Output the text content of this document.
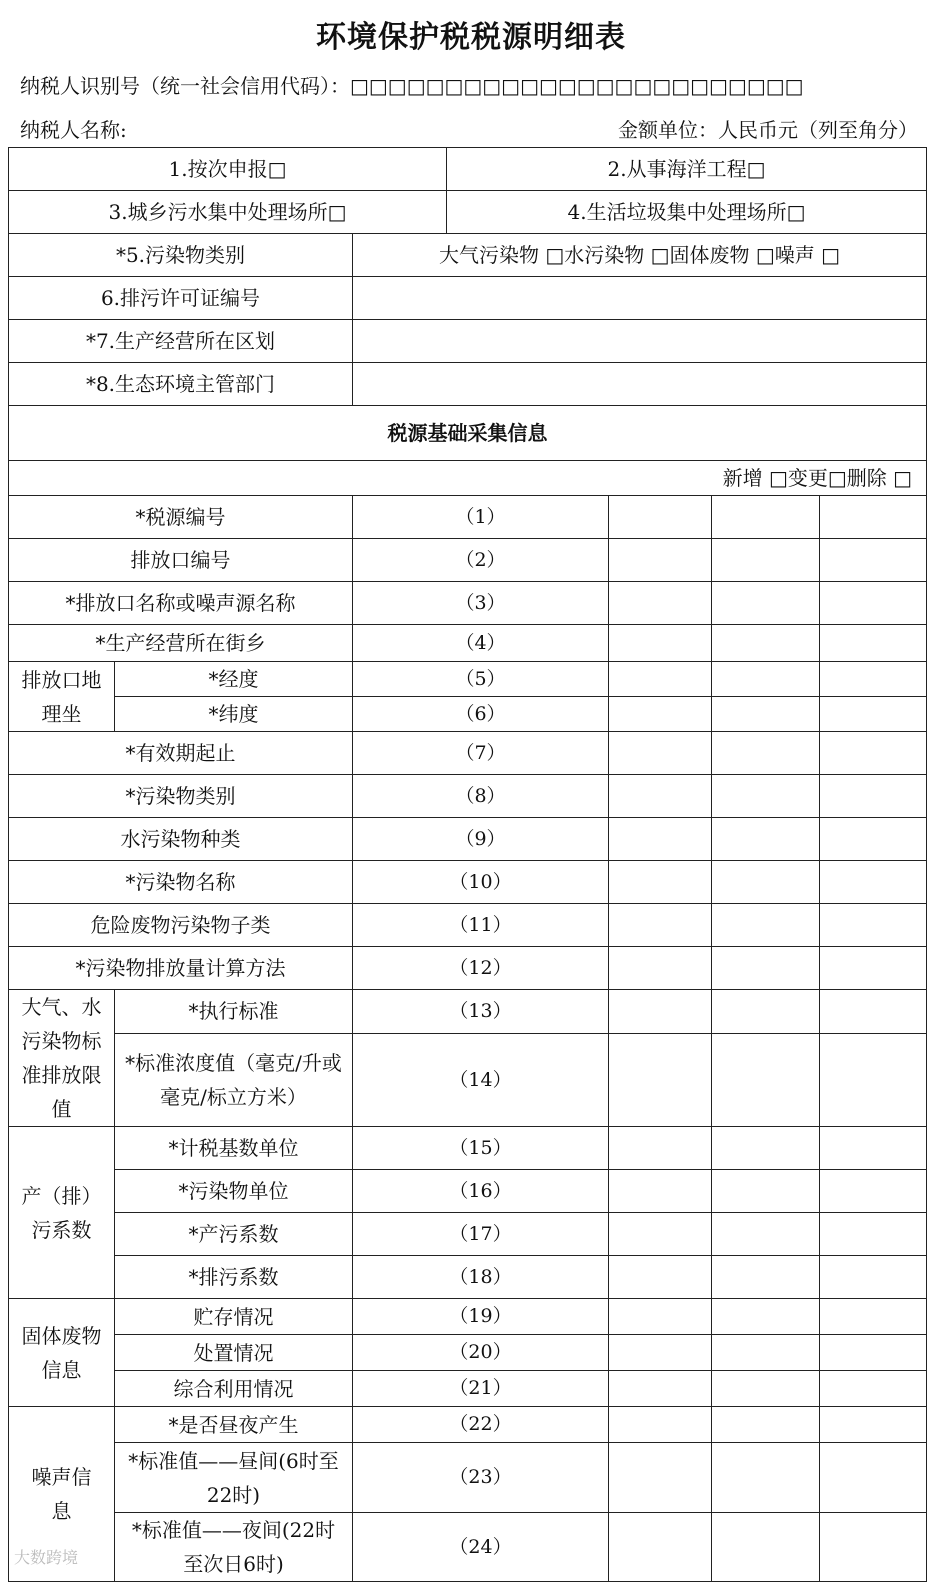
环境保护税税源明细表
纳税人识别号（统一社会信用代码）：□□□□□□□□□□□□□□□□□□□□□□□□
纳税人名称:	金额单位：人民币元（列至角分）
1.按次申报□			2.从事海洋工程□			
3.城乡污水集中处理场所□			4.生活垃圾集中处理场所□			
*5.污染物类别		大气污染物 □水污染物 □固体废物 □噪声 □				
6.排污许可证编号						
*7.生产经营所在区划						
*8.生态环境主管部门						
税源基础采集信息						
新增 □变更□删除 □						
*税源编号		（1）				
排放口编号		（2）				
*排放口名称或噪声源名称		（3）				
*生产经营所在街乡		（4）				
排放口地理坐	*经度	（5）				
	*纬度	（6）				
*有效期起止		（7）				
*污染物类别		（8）				
水污染物种类		（9）				
*污染物名称		（10）				
危险废物污染物子类		（11）				
*污染物排放量计算方法		（12）				
大气、水污染物标准排放限值	*执行标准	（13）				
	*标准浓度值（毫克/升或毫克/标立方米）	（14）				
产（排）污系数	*计税基数单位	（15）				
	*污染物单位	（16）				
	*产污系数	（17）				
	*排污系数	（18）				
固体废物信息	贮存情况	（19）				
	处置情况	（20）				
	综合利用情况	（21）				
噪声信息	*是否昼夜产生	（22）				
	*标准值——昼间(6时至22时)	（23）				
	*标准值——夜间(22时至次日6时)	（24）				
大数跨境
